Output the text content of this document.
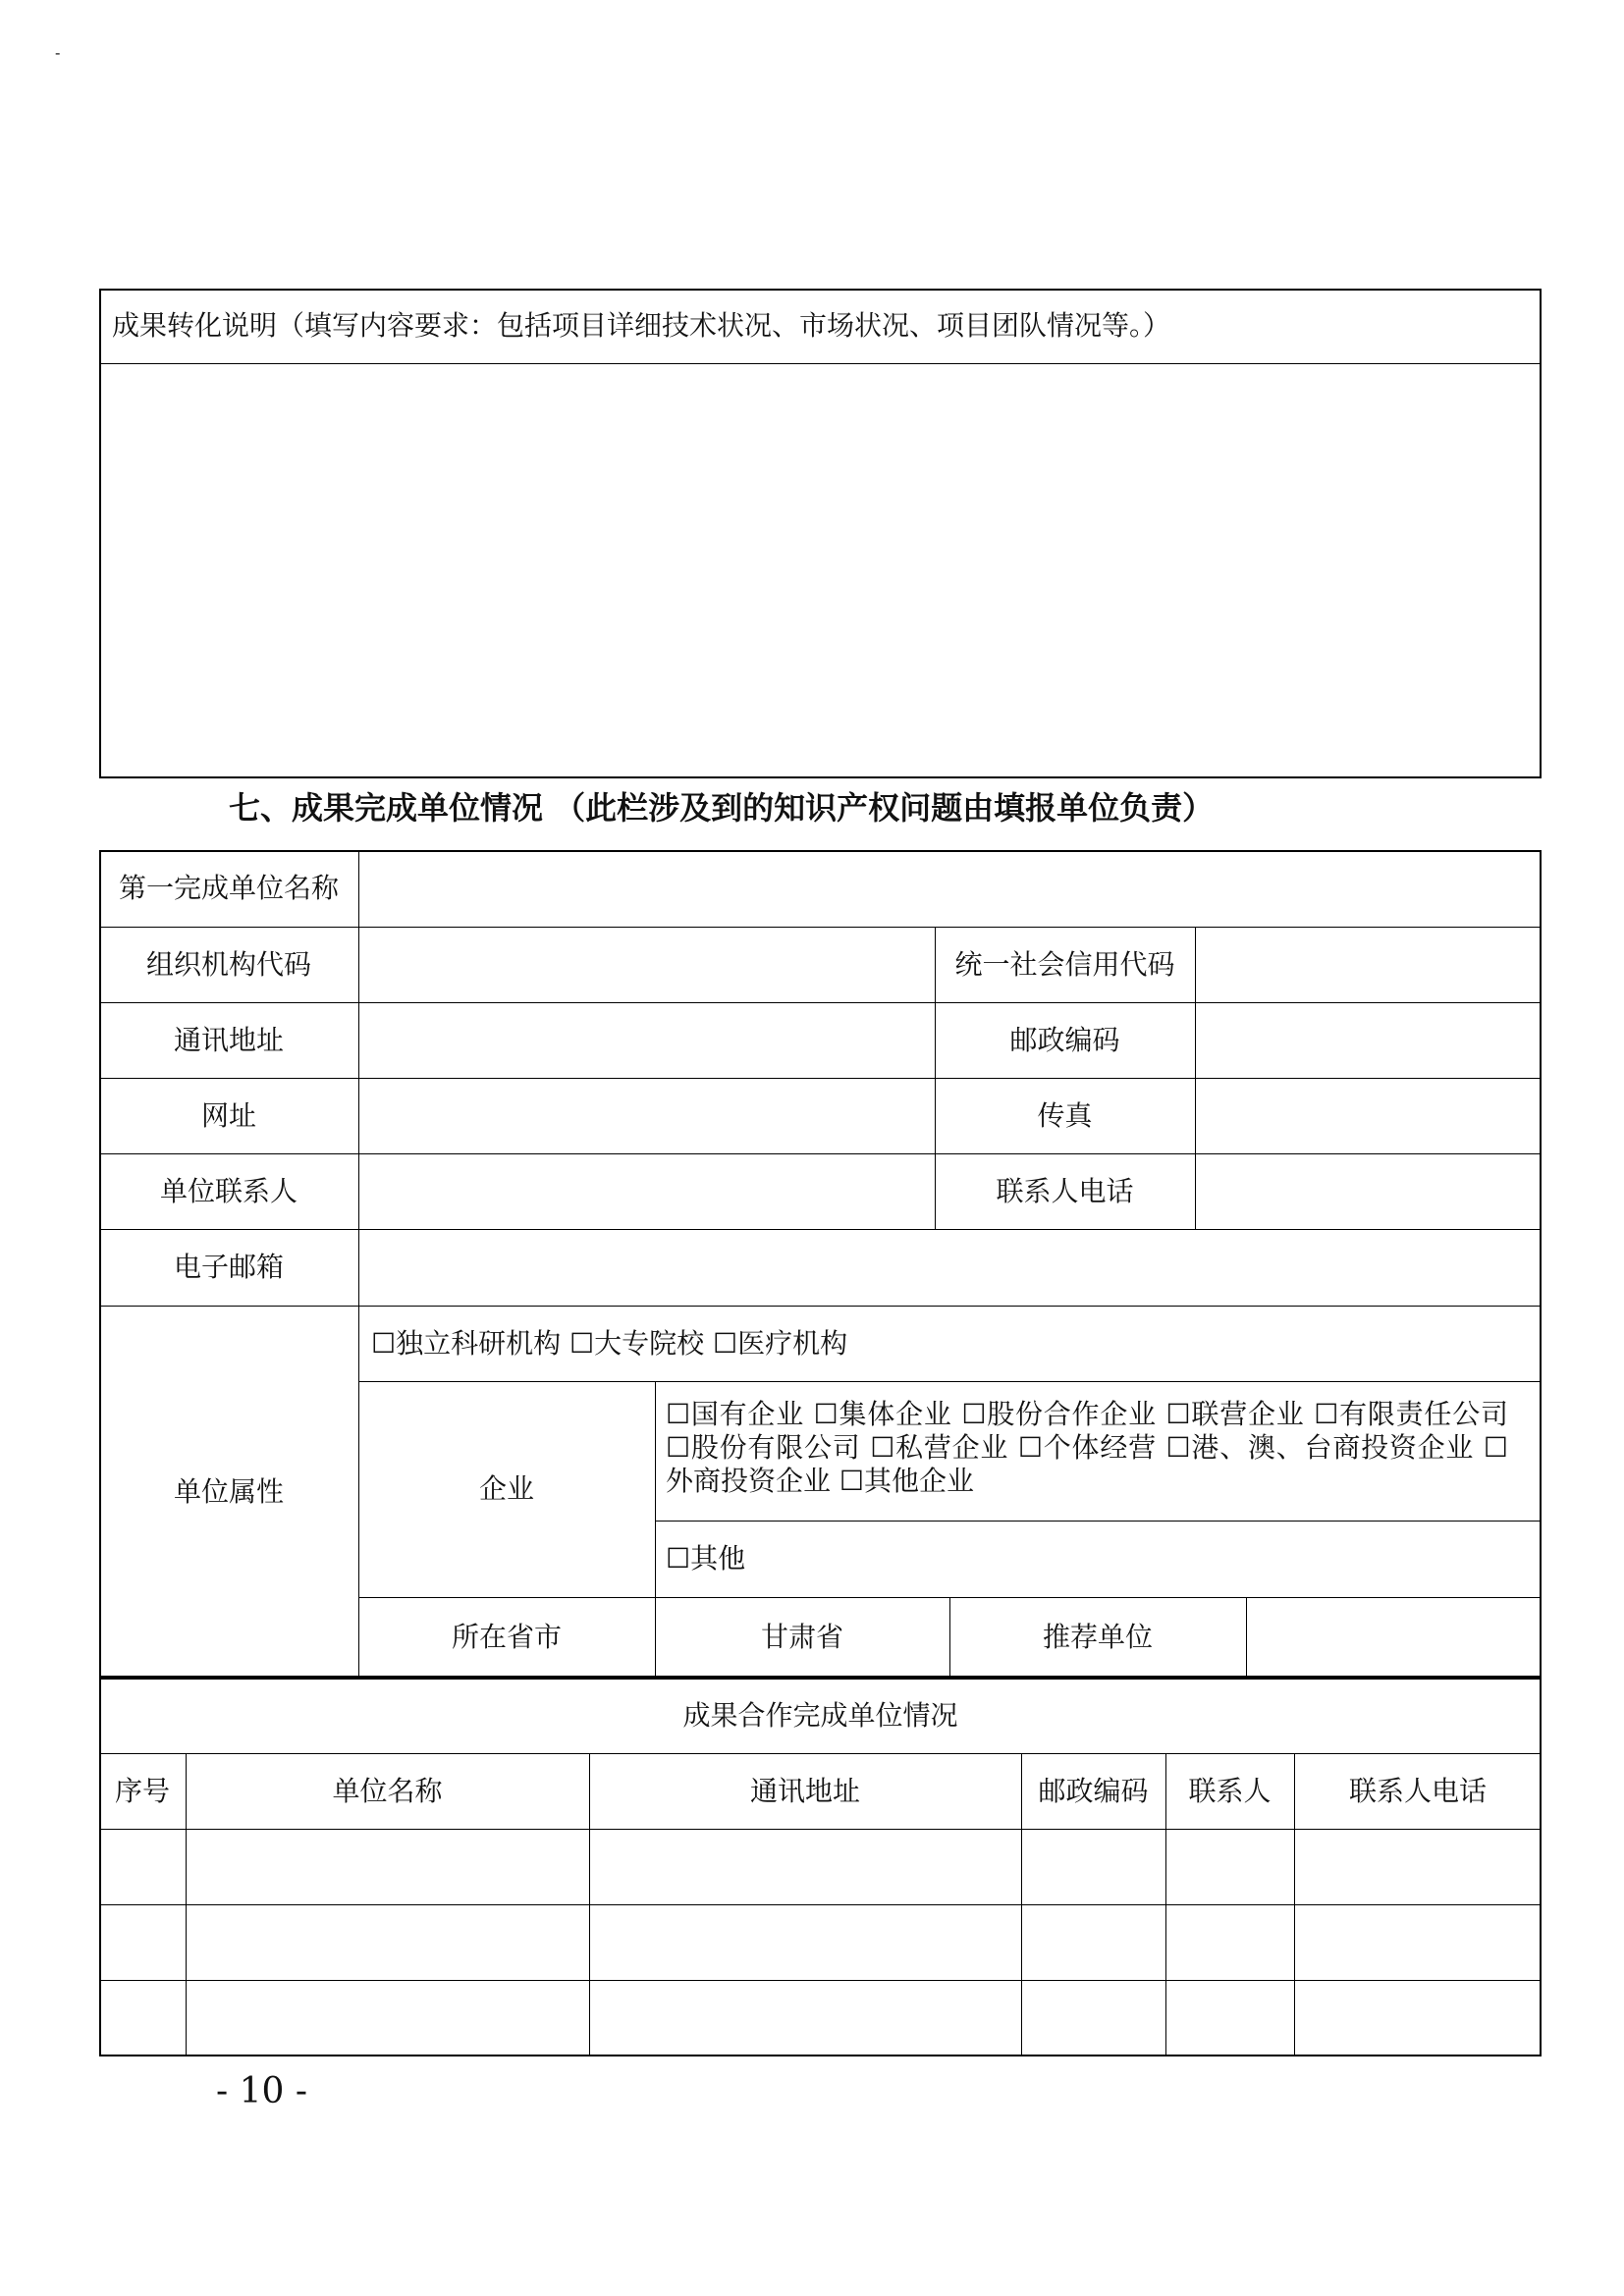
-
成果转化说明（填写内容要求：包括项目详细技术状况、市场状况、项目团队情况等。）
七、成果完成单位情况 （此栏涉及到的知识产权问题由填报单位负责）
第一完成单位名称
组织机构代码	统一社会信用代码
通讯地址	邮政编码
网址	传真
单位联系人	联系人电话
电子邮箱
单位属性
☐独立科研机构 ☐大专院校 ☐医疗机构
企业
☐国有企业 ☐集体企业 ☐股份合作企业 ☐联营企业 ☐有限责任公司 ☐股份有限公司 ☐私营企业 ☐个体经营 ☐港、澳、台商投资企业 ☐外商投资企业 ☐其他企业
☐其他
所在省市	甘肃省	推荐单位
成果合作完成单位情况
序号	单位名称	通讯地址	邮政编码	联系人	联系人电话
- 10 -
